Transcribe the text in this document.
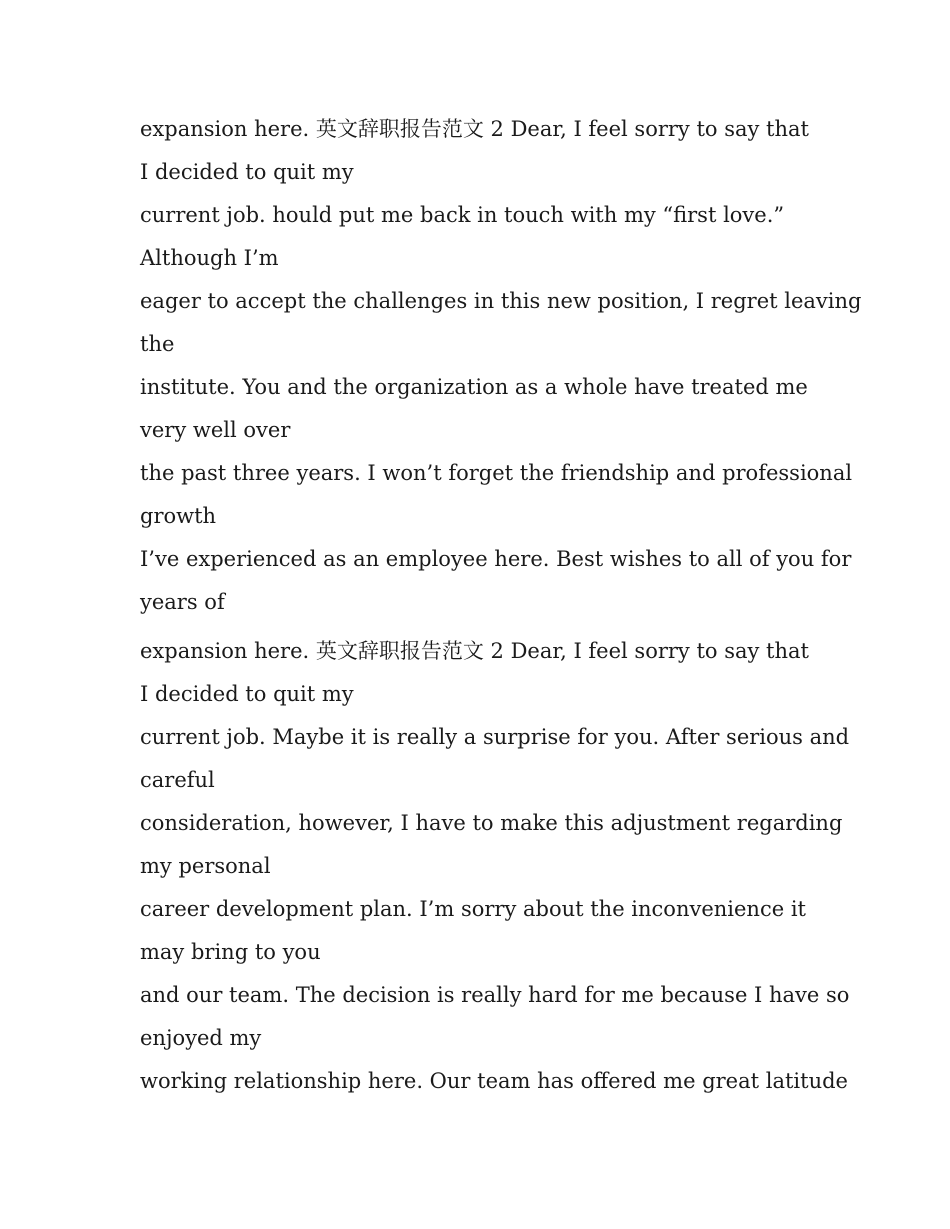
expansion here. 英文辞职报告范文 2 Dear, I feel sorry to say that
I decided to quit my
current job. hould put me back in touch with my “first love.”
Although I’m
eager to accept the challenges in this new position, I regret leaving
the
institute. You and the organization as a whole have treated me
very well over
the past three years. I won’t forget the friendship and professional
growth
I’ve experienced as an employee here. Best wishes to all of you for
years of
expansion here. 英文辞职报告范文 2 Dear, I feel sorry to say that
I decided to quit my
current job. Maybe it is really a surprise for you. After serious and
careful
consideration, however, I have to make this adjustment regarding
my personal
career development plan. I’m sorry about the inconvenience it
may bring to you
and our team. The decision is really hard for me because I have so
enjoyed my
working relationship here. Our team has offered me great latitude
